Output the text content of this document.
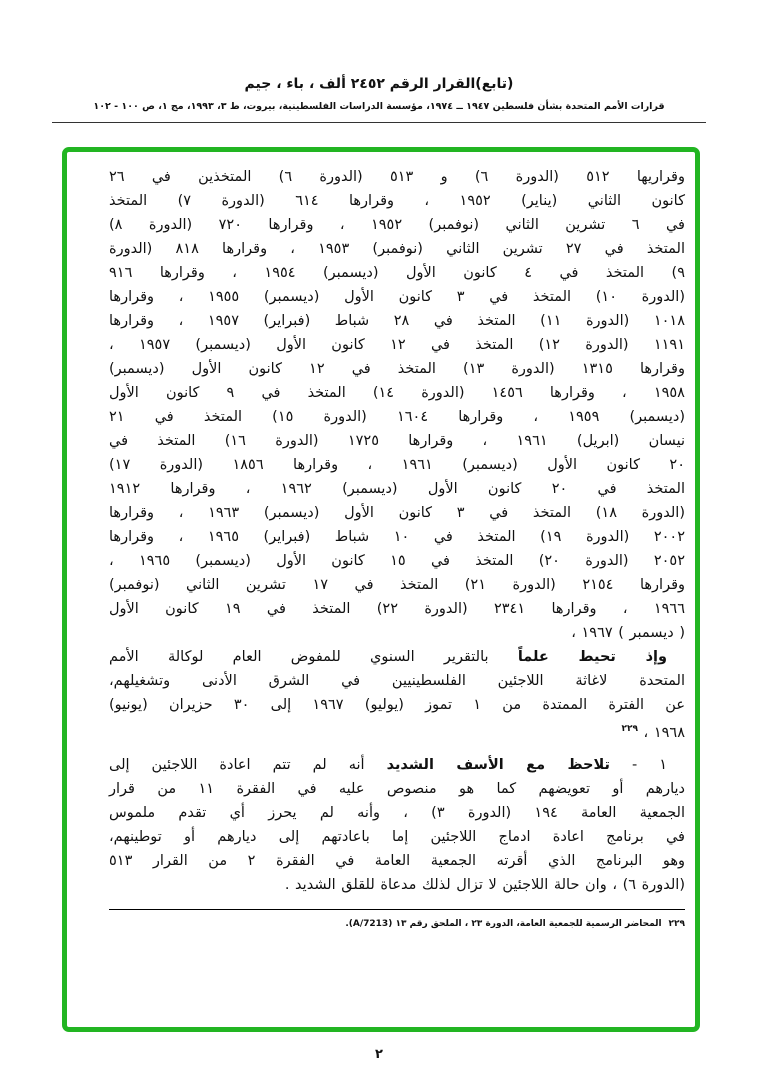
(تابع)القرار الرقم ٢٤٥٢ ألف ، باء ، جيم
قرارات الأمم المتحدة بشأن فلسطين ١٩٤٧ ــ ١٩٧٤، مؤسسة الدراسات الفلسطينية، بيروت، ط ٣، ١٩٩٣، مج ١، ص ١٠٠ - ١٠٢
وقراريها ٥١٢ (الدورة ٦) و ٥١٣ (الدورة ٦) المتخذين في ٢٦
كانون الثاني (يناير) ١٩٥٢ ، وقرارها ٦١٤ (الدورة ٧) المتخذ
في ٦ تشرين الثاني (نوفمبر) ١٩٥٢ ، وقرارها ٧٢٠ (الدورة ٨)
المتخذ في ٢٧ تشرين الثاني (نوفمبر) ١٩٥٣ ، وقرارها ٨١٨ (الدورة
٩) المتخذ في ٤ كانون الأول (ديسمبر) ١٩٥٤ ، وقرارها ٩١٦
(الدورة ١٠) المتخذ في ٣ كانون الأول (ديسمبر) ١٩٥٥ ، وقرارها
١٠١٨ (الدورة ١١) المتخذ في ٢٨ شباط (فبراير) ١٩٥٧ ، وقرارها
١١٩١ (الدورة ١٢) المتخذ في ١٢ كانون الأول (ديسمبر) ١٩٥٧ ،
وقرارها ١٣١٥ (الدورة ١٣) المتخذ في ١٢ كانون الأول (ديسمبر)
١٩٥٨ ، وقرارها ١٤٥٦ (الدورة ١٤) المتخذ في ٩ كانون الأول
(ديسمبر) ١٩٥٩ ، وقرارها ١٦٠٤ (الدورة ١٥) المتخذ في ٢١
نيسان (ابريل) ١٩٦١ ، وقرارها ١٧٢٥ (الدورة ١٦) المتخذ في
٢٠ كانون الأول (ديسمبر) ١٩٦١ ، وقرارها ١٨٥٦ (الدورة ١٧)
المتخذ في ٢٠ كانون الأول (ديسمبر) ١٩٦٢ ، وقرارها ١٩١٢
(الدورة ١٨) المتخذ في ٣ كانون الأول (ديسمبر) ١٩٦٣ ، وقرارها
٢٠٠٢ (الدورة ١٩) المتخذ في ١٠ شباط (فبراير) ١٩٦٥ ، وقرارها
٢٠٥٢ (الدورة ٢٠) المتخذ في ١٥ كانون الأول (ديسمبر) ١٩٦٥ ،
وقرارها ٢١٥٤ (الدورة ٢١) المتخذ في ١٧ تشرين الثاني (نوفمبر)
١٩٦٦ ، وقرارها ٢٣٤١ (الدورة ٢٢) المتخذ في ١٩ كانون الأول
( ديسمبر ) ١٩٦٧ ،
وإذ تحيط علماً بالتقرير السنوي للمفوض العام لوكالة الأمم
المتحدة لاغاثة اللاجئين الفلسطينيين في الشرق الأدنى وتشغيلهم،
عن الفترة الممتدة من ١ تموز (يوليو) ١٩٦٧ إلى ٣٠ حزيران (يونيو)
١٩٦٨ ، $^{٢٢٩}$
١ - تلاحظ مع الأسف الشديد أنه لم تتم اعادة اللاجئين إلى
ديارهم أو تعويضهم كما هو منصوص عليه في الفقرة ١١ من قرار
الجمعية العامة ١٩٤ (الدورة ٣) ، وأنه لم يحرز أي تقدم ملموس
في برنامج اعادة ادماج اللاجئين إما باعادتهم إلى ديارهم أو توطينهم،
وهو البرنامج الذي أقرته الجمعية العامة في الفقرة ٢ من القرار ٥١٣
(الدورة ٦) ، وان حالة اللاجئين لا تزال لذلك مدعاة للقلق الشديد .
٢٢٩ المحاضر الرسمية للجمعية العامة، الدورة ٢٣ ، الملحق رقم ١٣ (A/7213).
٢
